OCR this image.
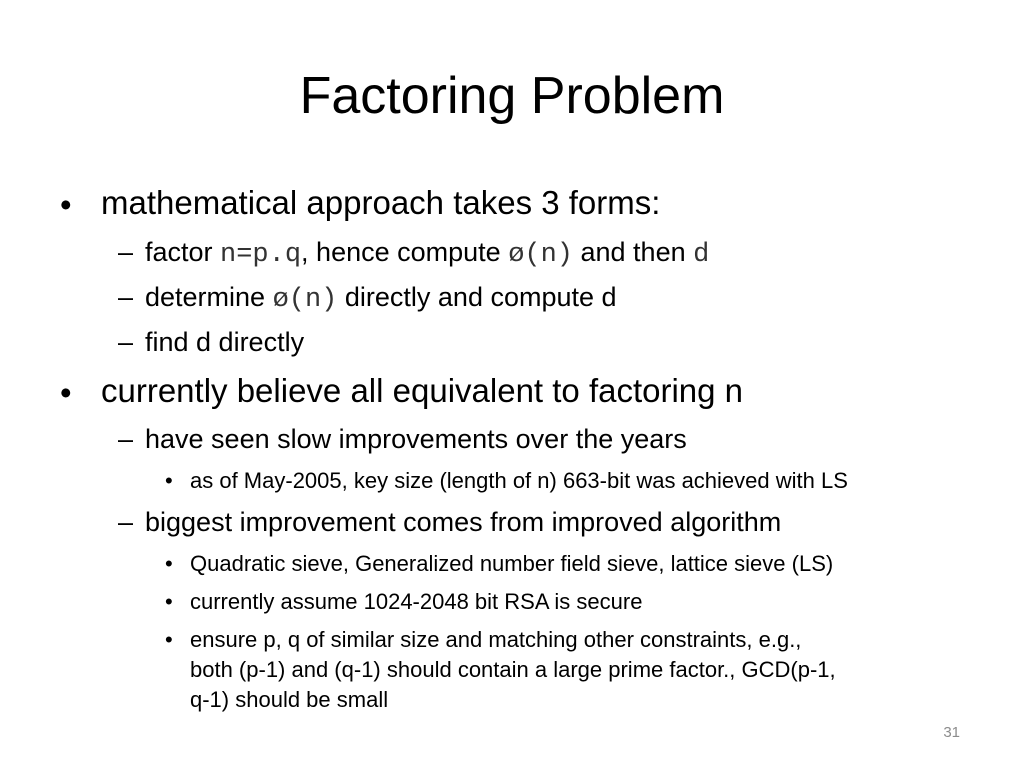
Factoring Problem
• mathematical approach takes 3 forms:
– factor n=p.q, hence compute ø(n) and then d
– determine ø(n) directly and compute d
– find d directly
• currently believe all equivalent to factoring n
– have seen slow improvements over the years
• as of May-2005, key size (length of n) 663-bit was achieved with LS
– biggest improvement comes from improved algorithm
• Quadratic sieve, Generalized number field sieve, lattice sieve (LS)
• currently assume 1024-2048 bit RSA is secure
• ensure p, q of similar size and matching other constraints, e.g.,
both (p-1) and (q-1) should contain a large prime factor., GCD(p-1,
q-1) should be small
31
